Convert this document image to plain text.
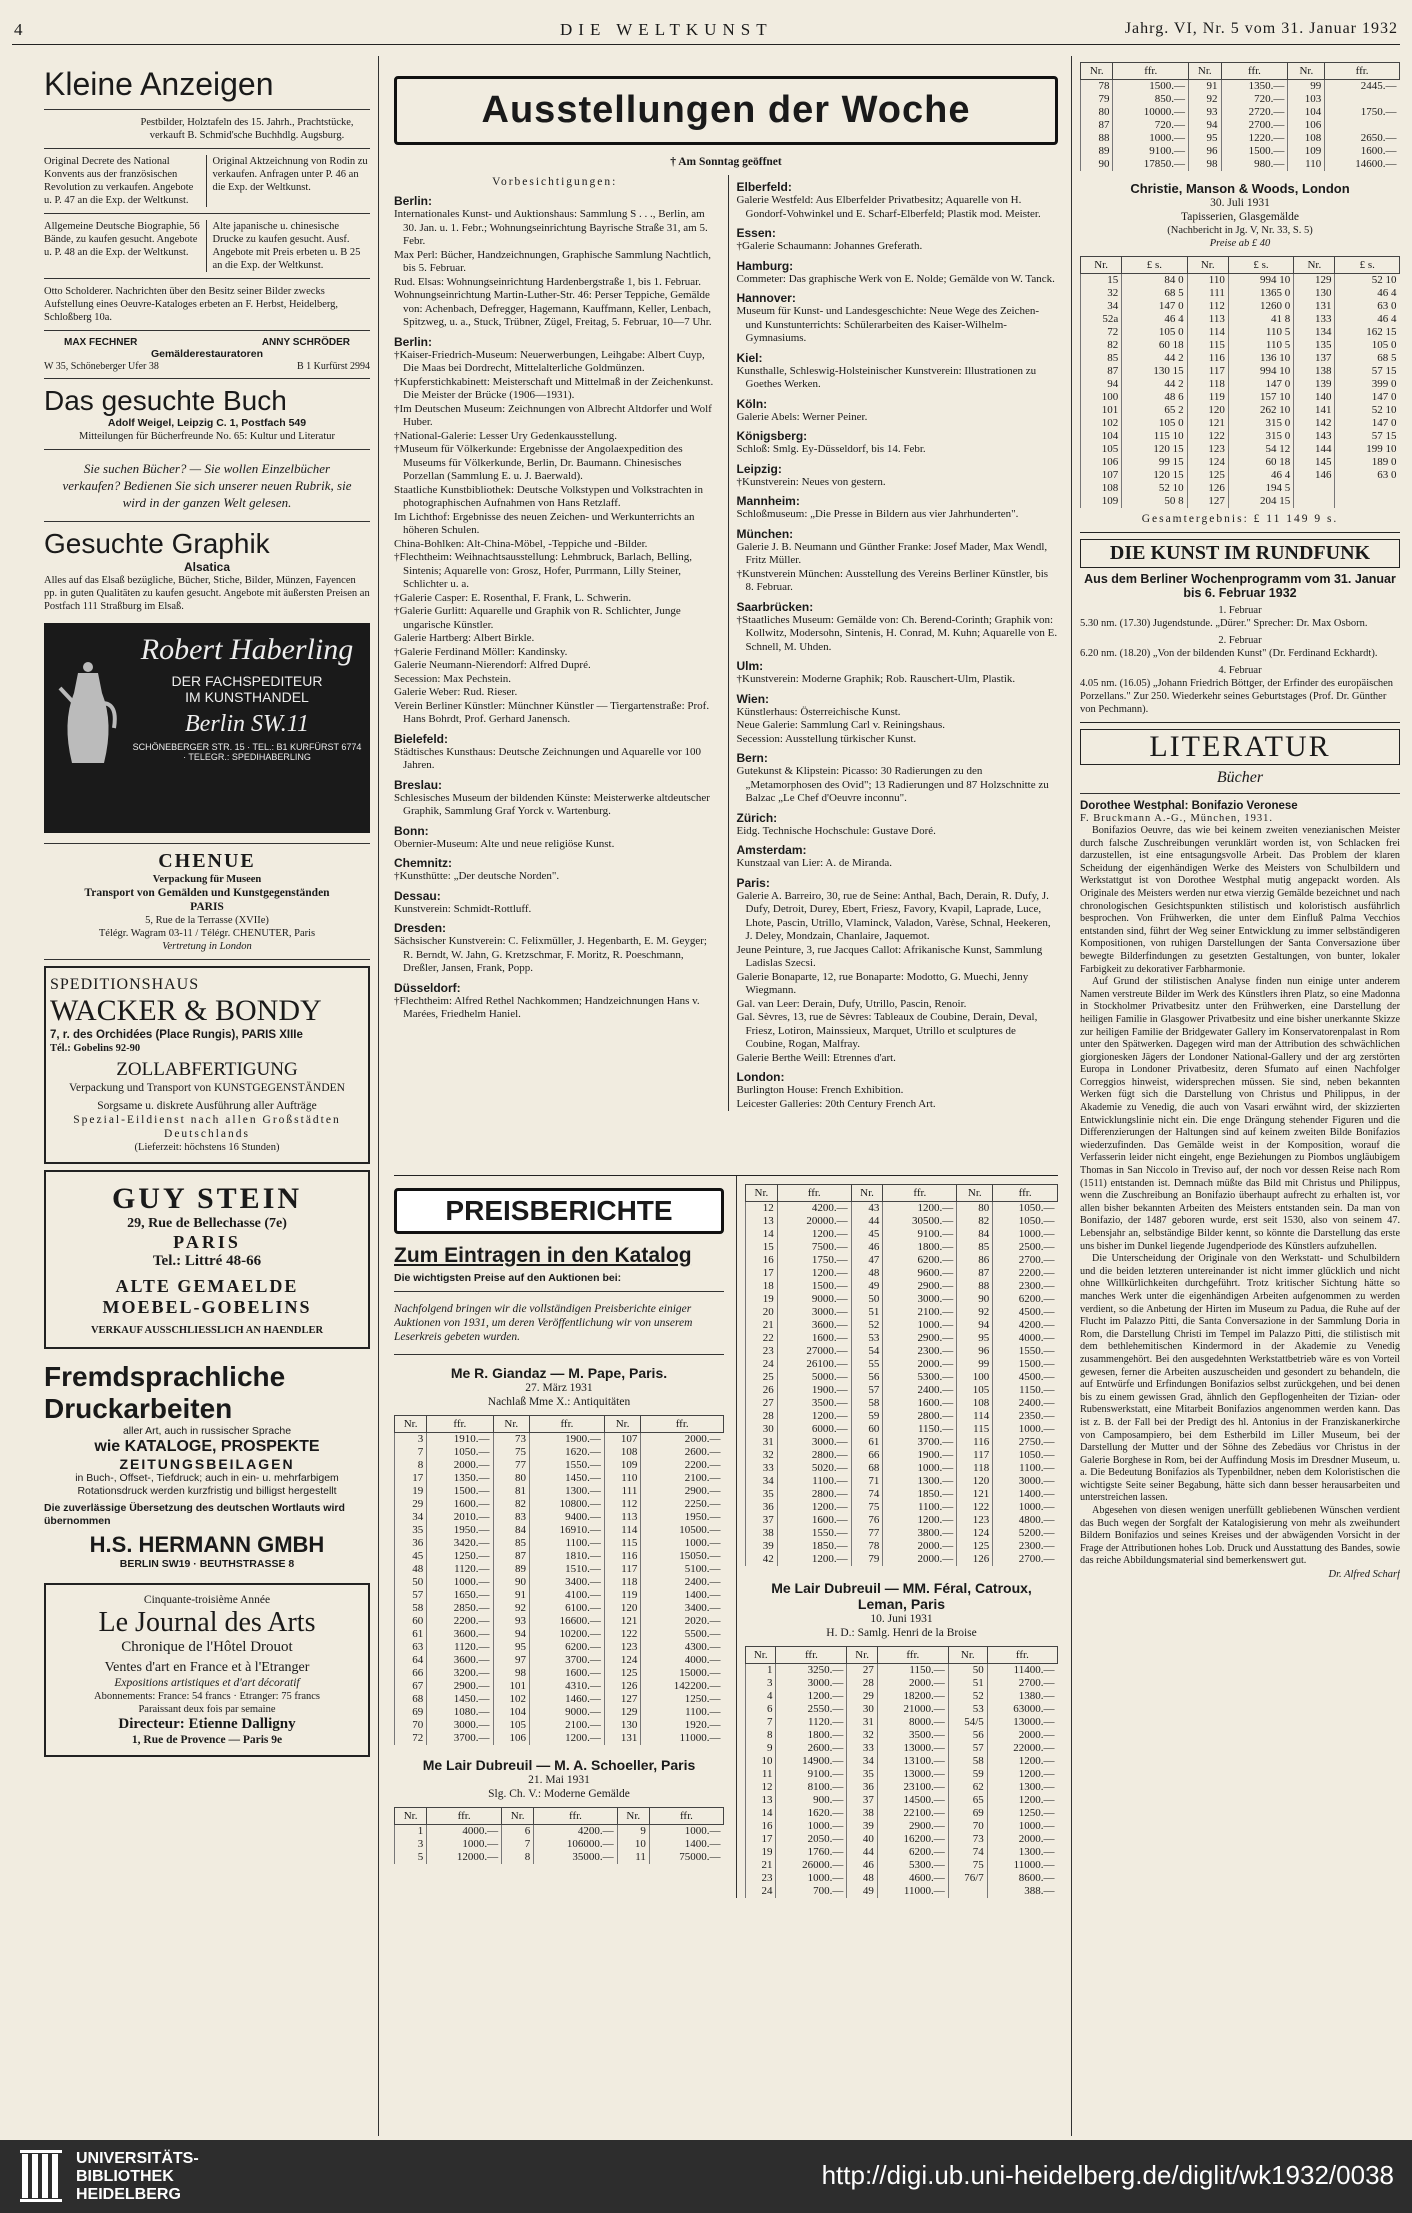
4	DIE WELTKUNST	Jahrg. VI, Nr. 5 vom 31. Januar 1932
Kleine Anzeigen
Pestbilder, Holztafeln des 15. Jahrh., Prachtstücke, verkauft B. Schmid'sche Buchhdlg. Augsburg.
Original Decrete des National Konvents aus der französischen Revolution zu verkaufen. Angebote u. P. 47 an die Exp. der Weltkunst.
Original Aktzeichnung von Rodin zu verkaufen. Anfragen unter P. 46 an die Exp. der Weltkunst.
Allgemeine Deutsche Biographie, 56 Bände, zu kaufen gesucht. Angebote u. P. 48 an die Exp. der Weltkunst.
Alte japanische u. chinesische Drucke zu kaufen gesucht. Ausf. Angebote mit Preis erbeten u. B 25 an die Exp. der Weltkunst.
Otto Scholderer. Nachrichten über den Besitz seiner Bilder zwecks Aufstellung eines Oeuvre-Kataloges erbeten an F. Herbst, Heidelberg, Schloßberg 10a.
MAX FECHNER	ANNY SCHRÖDER
Gemälderestauratoren
W 35, Schöneberger Ufer 38	B 1 Kurfürst 2994
Das gesuchte Buch
Adolf Weigel, Leipzig C. 1, Postfach 549
Mitteilungen für Bücherfreunde No. 65: Kultur und Literatur
Sie suchen Bücher? — Sie wollen Einzelbücher verkaufen? Bedienen Sie sich unserer neuen Rubrik, sie wird in der ganzen Welt gelesen.
Gesuchte Graphik
Alsatica
Alles auf das Elsaß bezügliche, Bücher, Stiche, Bilder, Münzen, Fayencen pp. in guten Qualitäten zu kaufen gesucht. Angebote mit äußersten Preisen an Postfach 111 Straßburg im Elsaß.
Robert Haberling
DER FACHSPEDITEUR
IM KUNSTHANDEL
Berlin SW.11
SCHÖNEBERGER STR. 15 · TEL.: B1 KURFÜRST 6774 · TELEGR.: SPEDIHABERLING
CHENUE
Verpackung für Museen
Transport von Gemälden und Kunstgegenständen
PARIS
5, Rue de la Terrasse (XVIIe)
Télégr. Wagram 03-11 / Télégr. CHENUTER, Paris
Vertretung in London
SPEDITIONSHAUS
WACKER & BONDY
7, r. des Orchidées (Place Rungis), PARIS XIIIe
Tél.: Gobelins 92-90
ZOLLABFERTIGUNG
Verpackung und Transport von KUNSTGEGENSTÄNDEN
Sorgsame u. diskrete Ausführung aller Aufträge
Spezial-Eildienst nach allen Großstädten Deutschlands
(Lieferzeit: höchstens 16 Stunden)
GUY STEIN
29, Rue de Bellechasse (7e)
PARIS
Tel.: Littré 48-66
ALTE GEMAELDE
MOEBEL-GOBELINS
VERKAUF AUSSCHLIESSLICH AN HAENDLER
Fremdsprachliche
Druckarbeiten
aller Art, auch in russischer Sprache
wie KATALOGE, PROSPEKTE
ZEITUNGSBEILAGEN
in Buch-, Offset-, Tiefdruck; auch in ein- u. mehrfarbigem Rotationsdruck werden kurzfristig und billigst hergestellt
Die zuverlässige Übersetzung des deutschen Wortlauts wird übernommen
H.S. HERMANN GMBH
BERLIN SW19 · BEUTHSTRASSE 8
Cinquante-troisième Année
Le Journal des Arts
Chronique de l'Hôtel Drouot
Ventes d'art en France et à l'Etranger
Expositions artistiques et d'art décoratif
Abonnements: France: 54 francs · Etranger: 75 francs
Paraissant deux fois par semaine
Directeur: Etienne Dalligny
1, Rue de Provence — Paris 9e
Ausstellungen der Woche
† Am Sonntag geöffnet
Vorbesichtigungen:
Berlin:
Internationales Kunst- und Auktionshaus: Sammlung S . . ., Berlin, am 30. Jan. u. 1. Febr.; Wohnungseinrichtung Bayrische Straße 31, am 5. Febr.
Max Perl: Bücher, Handzeichnungen, Graphische Sammlung Nachtlich, bis 5. Februar.
Rud. Elsas: Wohnungseinrichtung Hardenbergstraße 1, bis 1. Februar.
Wohnungseinrichtung Martin-Luther-Str. 46: Perser Teppiche, Gemälde von: Achenbach, Defregger, Hagemann, Kauffmann, Keller, Lenbach, Spitzweg, u. a., Stuck, Trübner, Zügel, Freitag, 5. Februar, 10—7 Uhr.
Berlin:
†Kaiser-Friedrich-Museum: Neuerwerbungen, Leihgabe: Albert Cuyp, Die Maas bei Dordrecht, Mittelalterliche Goldmünzen.
†Kupferstichkabinett: Meisterschaft und Mittelmaß in der Zeichenkunst. Die Meister der Brücke (1906—1931).
†Im Deutschen Museum: Zeichnungen von Albrecht Altdorfer und Wolf Huber.
†National-Galerie: Lesser Ury Gedenkausstellung.
†Museum für Völkerkunde: Ergebnisse der Angolaexpedition des Museums für Völkerkunde, Berlin, Dr. Baumann. Chinesisches Porzellan (Sammlung E. u. J. Baerwald).
Staatliche Kunstbibliothek: Deutsche Volkstypen und Volkstrachten in photographischen Aufnahmen von Hans Retzlaff.
Im Lichthof: Ergebnisse des neuen Zeichen- und Werkunterrichts an höheren Schulen.
China-Bohlken: Alt-China-Möbel, -Teppiche und -Bilder.
†Flechtheim: Weihnachtsausstellung: Lehmbruck, Barlach, Belling, Sintenis; Aquarelle von: Grosz, Hofer, Purrmann, Lilly Steiner, Schlichter u. a.
†Galerie Casper: E. Rosenthal, F. Frank, L. Schwerin.
†Galerie Gurlitt: Aquarelle und Graphik von R. Schlichter, Junge ungarische Künstler.
Galerie Hartberg: Albert Birkle.
†Galerie Ferdinand Möller: Kandinsky.
Galerie Neumann-Nierendorf: Alfred Dupré.
Secession: Max Pechstein.
Galerie Weber: Rud. Rieser.
Verein Berliner Künstler: Münchner Künstler — Tiergartenstraße: Prof. Hans Bohrdt, Prof. Gerhard Janensch.
Bielefeld:
Städtisches Kunsthaus: Deutsche Zeichnungen und Aquarelle vor 100 Jahren.
Breslau:
Schlesisches Museum der bildenden Künste: Meisterwerke altdeutscher Graphik, Sammlung Graf Yorck v. Wartenburg.
Bonn:
Obernier-Museum: Alte und neue religiöse Kunst.
Chemnitz:
†Kunsthütte: „Der deutsche Norden".
Dessau:
Kunstverein: Schmidt-Rottluff.
Dresden:
Sächsischer Kunstverein: C. Felixmüller, J. Hegenbarth, E. M. Geyger; R. Berndt, W. Jahn, G. Kretzschmar, F. Moritz, R. Poeschmann, Dreßler, Jansen, Frank, Popp.
Düsseldorf:
†Flechtheim: Alfred Rethel Nachkommen; Handzeichnungen Hans v. Marées, Friedhelm Haniel.
Elberfeld:
Galerie Westfeld: Aus Elberfelder Privatbesitz; Aquarelle von H. Gondorf-Vohwinkel und E. Scharf-Elberfeld; Plastik mod. Meister.
Essen:
†Galerie Schaumann: Johannes Greferath.
Hamburg:
Commeter: Das graphische Werk von E. Nolde; Gemälde von W. Tanck.
Hannover:
Museum für Kunst- und Landesgeschichte: Neue Wege des Zeichen- und Kunstunterrichts: Schülerarbeiten des Kaiser-Wilhelm-Gymnasiums.
Kiel:
Kunsthalle, Schleswig-Holsteinischer Kunstverein: Illustrationen zu Goethes Werken.
Köln:
Galerie Abels: Werner Peiner.
Königsberg:
Schloß: Smlg. Ey-Düsseldorf, bis 14. Febr.
Leipzig:
†Kunstverein: Neues von gestern.
Mannheim:
Schloßmuseum: „Die Presse in Bildern aus vier Jahrhunderten".
München:
Galerie J. B. Neumann und Günther Franke: Josef Mader, Max Wendl, Fritz Müller.
†Kunstverein München: Ausstellung des Vereins Berliner Künstler, bis 8. Februar.
Saarbrücken:
†Staatliches Museum: Gemälde von: Ch. Berend-Corinth; Graphik von: Kollwitz, Modersohn, Sintenis, H. Conrad, M. Kuhn; Aquarelle von E. Schnell, M. Uhden.
Ulm:
†Kunstverein: Moderne Graphik; Rob. Rauschert-Ulm, Plastik.
Wien:
Künstlerhaus: Österreichische Kunst.
Neue Galerie: Sammlung Carl v. Reiningshaus.
Secession: Ausstellung türkischer Kunst.
Bern:
Gutekunst & Klipstein: Picasso: 30 Radierungen zu den „Metamorphosen des Ovid"; 13 Radierungen und 87 Holzschnitte zu Balzac „Le Chef d'Oeuvre inconnu".
Zürich:
Eidg. Technische Hochschule: Gustave Doré.
Amsterdam:
Kunstzaal van Lier: A. de Miranda.
Paris:
Galerie A. Barreiro, 30, rue de Seine: Anthal, Bach, Derain, R. Dufy, J. Dufy, Detroit, Durey, Ebert, Friesz, Favory, Kvapil, Laprade, Luce, Lhote, Pascin, Utrillo, Vlaminck, Valadon, Varèse, Schnal, Heekeren, J. Deley, Mondzain, Chanlaire, Jaquemot.
Jeune Peinture, 3, rue Jacques Callot: Afrikanische Kunst, Sammlung Ladislas Szecsi.
Galerie Bonaparte, 12, rue Bonaparte: Modotto, G. Muechi, Jenny Wiegmann.
Gal. van Leer: Derain, Dufy, Utrillo, Pascin, Renoir.
Gal. Sèvres, 13, rue de Sèvres: Tableaux de Coubine, Derain, Deval, Friesz, Lotiron, Mainssieux, Marquet, Utrillo et sculptures de Coubine, Rogan, Malfray.
Galerie Berthe Weill: Etrennes d'art.
London:
Burlington House: French Exhibition.
Leicester Galleries: 20th Century French Art.
PREISBERICHTE
Zum Eintragen in den Katalog
Die wichtigsten Preise auf den Auktionen bei:
Nachfolgend bringen wir die vollständigen Preisberichte einiger Auktionen von 1931, um deren Veröffentlichung wir von unserem Leserkreis gebeten wurden.
Me R. Giandaz — M. Pape, Paris.
27. März 1931
Nachlaß Mme X.: Antiquitäten
Nr.	ffr.	Nr.	ffr.	Nr.	ffr.
3	1910.—	73	1900.—	107	2000.—
7	1050.—	75	1620.—	108	2600.—
8	2000.—	77	1550.—	109	2200.—
17	1350.—	80	1450.—	110	2100.—
19	1500.—	81	1300.—	111	2900.—
29	1600.—	82	10800.—	112	2250.—
34	2010.—	83	9400.—	113	1950.—
35	1950.—	84	16910.—	114	10500.—
36	3420.—	85	1100.—	115	1000.—
45	1250.—	87	1810.—	116	15050.—
48	1120.—	89	1510.—	117	5100.—
50	1000.—	90	3400.—	118	2400.—
57	1650.—	91	4100.—	119	1400.—
58	2850.—	92	6100.—	120	3400.—
60	2200.—	93	16600.—	121	2020.—
61	3600.—	94	10200.—	122	5500.—
63	1120.—	95	6200.—	123	4300.—
64	3600.—	97	3700.—	124	4000.—
66	3200.—	98	1600.—	125	15000.—
67	2900.—	101	4310.—	126	142200.—
68	1450.—	102	1460.—	127	1250.—
69	1080.—	104	9000.—	129	1100.—
70	3000.—	105	2100.—	130	1920.—
72	3700.—	106	1200.—	131	11000.—
Me Lair Dubreuil — M. A. Schoeller, Paris
21. Mai 1931
Slg. Ch. V.: Moderne Gemälde
Nr.	ffr.	Nr.	ffr.	Nr.	ffr.
1	4000.—	6	4200.—	9	1000.—
3	1000.—	7	106000.—	10	1400.—
5	12000.—	8	35000.—	11	75000.—
Nr.	ffr.	Nr.	ffr.	Nr.	ffr.
12	4200.—	43	1200.—	80	1050.—
13	20000.—	44	30500.—	82	1050.—
14	1200.—	45	9100.—	84	1000.—
15	7500.—	46	1800.—	85	2500.—
16	1750.—	47	6200.—	86	2700.—
17	1200.—	48	9600.—	87	2200.—
18	1500.—	49	2900.—	88	2300.—
19	9000.—	50	3000.—	90	6200.—
20	3000.—	51	2100.—	92	4500.—
21	3600.—	52	1000.—	94	4200.—
22	1600.—	53	2900.—	95	4000.—
23	27000.—	54	2300.—	96	1550.—
24	26100.—	55	2000.—	99	1500.—
25	5000.—	56	5300.—	100	4500.—
26	1900.—	57	2400.—	105	1150.—
27	3500.—	58	1600.—	108	2400.—
28	1200.—	59	2800.—	114	2350.—
30	6000.—	60	1150.—	115	1000.—
31	3000.—	61	3700.—	116	2750.—
32	2800.—	66	1900.—	117	1050.—
33	5020.—	68	1000.—	118	1100.—
34	1100.—	71	1300.—	120	3000.—
35	2800.—	74	1850.—	121	1400.—
36	1200.—	75	1100.—	122	1000.—
37	1600.—	76	1200.—	123	4800.—
38	1550.—	77	3800.—	124	5200.—
39	1850.—	78	2000.—	125	2300.—
42	1200.—	79	2000.—	126	2700.—
Me Lair Dubreuil — MM. Féral, Catroux, Leman, Paris
10. Juni 1931
H. D.: Samlg. Henri de la Broise
Nr.	ffr.	Nr.	ffr.	Nr.	ffr.
1	3250.—	27	1150.—	50	11400.—
3	3000.—	28	2000.—	51	2700.—
4	1200.—	29	18200.—	52	1380.—
6	2550.—	30	21000.—	53	63000.—
7	1120.—	31	8000.—	54/5	13000.—
8	1800.—	32	3500.—	56	2000.—
9	2600.—	33	13000.—	57	22000.—
10	14900.—	34	13100.—	58	1200.—
11	9100.—	35	13000.—	59	1200.—
12	8100.—	36	23100.—	62	1300.—
13	900.—	37	14500.—	65	1200.—
14	1620.—	38	22100.—	69	1250.—
16	1000.—	39	2900.—	70	1000.—
17	2050.—	40	16200.—	73	2000.—
19	1760.—	44	6200.—	74	1300.—
21	26000.—	46	5300.—	75	11000.—
23	1000.—	48	4600.—	76/7	8600.—
24	700.—	49	11000.—		388.—
Nr.	ffr.	Nr.	ffr.	Nr.	ffr.
78	1500.—	91	1350.—	99	2445.—
79	850.—	92	720.—	103	
80	10000.—	93	2720.—	104	1750.—
87	720.—	94	2700.—	106	
88	1000.—	95	1220.—	108	2650.—
89	9100.—	96	1500.—	109	1600.—
90	17850.—	98	980.—	110	14600.—
Christie, Manson & Woods, London
30. Juli 1931
Tapisserien, Glasgemälde
(Nachbericht in Jg. V, Nr. 33, S. 5)
Preise ab £ 40
Nr.	£ s.	Nr.	£ s.	Nr.	£ s.
15	84 0	110	994 10	129	52 10
32	68 5	111	1365 0	130	46 4
34	147 0	112	1260 0	131	63 0
52a	46 4	113	41 8	133	46 4
72	105 0	114	110 5	134	162 15
82	60 18	115	110 5	135	105 0
85	44 2	116	136 10	137	68 5
87	130 15	117	994 10	138	57 15
94	44 2	118	147 0	139	399 0
100	48 6	119	157 10	140	147 0
101	65 2	120	262 10	141	52 10
102	105 0	121	315 0	142	147 0
104	115 10	122	315 0	143	57 15
105	120 15	123	54 12	144	199 10
106	99 15	124	60 18	145	189 0
107	120 15	125	46 4	146	63 0
108	52 10	126	194 5		
109	50 8	127	204 15		
Gesamtergebnis: £ 11 149 9 s.
DIE KUNST IM RUNDFUNK
Aus dem Berliner Wochenprogramm vom 31. Januar bis 6. Februar 1932
1. Februar
5.30 nm. (17.30) Jugendstunde. „Dürer." Sprecher: Dr. Max Osborn.
2. Februar
6.20 nm. (18.20) „Von der bildenden Kunst" (Dr. Ferdinand Eckhardt).
4. Februar
4.05 nm. (16.05) „Johann Friedrich Böttger, der Erfinder des europäischen Porzellans." Zur 250. Wiederkehr seines Geburtstages (Prof. Dr. Günther von Pechmann).
LITERATUR
Bücher
Dorothee Westphal: Bonifazio Veronese
F. Bruckmann A.-G., München, 1931.
Bonifazios Oeuvre, das wie bei keinem zweiten venezianischen Meister durch falsche Zuschreibungen verunklärt worden ist, von Schlacken frei darzustellen, ist eine entsagungsvolle Arbeit. Das Problem der klaren Scheidung der eigenhändigen Werke des Meisters von Schulbildern und Werkstattgut ist von Dorothee Westphal mutig angepackt worden. Als Originale des Meisters werden nur etwa vierzig Gemälde bezeichnet und nach chronologischen Gesichtspunkten stilistisch und koloristisch ausführlich besprochen. Von Frühwerken, die unter dem Einfluß Palma Vecchios entstanden sind, führt der Weg seiner Entwicklung zu immer selbständigeren Kompositionen, von ruhigen Darstellungen der Santa Conversazione über bewegte Bilderfindungen zu gesetzten Gestaltungen, von bunter, lokaler Farbigkeit zu dekorativer Farbharmonie.
Auf Grund der stilistischen Analyse finden nun einige unter anderem Namen verstreute Bilder im Werk des Künstlers ihren Platz, so eine Madonna in Stockholmer Privatbesitz unter den Frühwerken, eine Darstellung der heiligen Familie in Glasgower Privatbesitz und eine bisher unerkannte Skizze zur heiligen Familie der Bridgewater Gallery im Konservatorenpalast in Rom unter den Spätwerken. Dagegen wird man der Attribution des schwächlichen giorgionesken Jägers der Londoner National-Gallery und der arg zerstörten Europa in Londoner Privatbesitz, deren Sfumato auf einen Nachfolger Correggios hinweist, widersprechen müssen. Sie sind, neben bekannten Werken fügt sich die Darstellung von Christus und Philippus, in der Akademie zu Venedig, die auch von Vasari erwähnt wird, der skizzierten Entwicklungslinie nicht ein. Die enge Drängung stehender Figuren und die Differenzierungen der Haltungen sind auf keinem zweiten Bilde Bonifazios wiederzufinden. Das Gemälde weist in der Komposition, worauf die Verfasserin leider nicht eingeht, enge Beziehungen zu Piombos ungläubigem Thomas in San Niccolo in Treviso auf, der noch vor dessen Reise nach Rom (1511) entstanden ist. Demnach müßte das Bild mit Christus und Philippus, wenn die Zuschreibung an Bonifazio überhaupt aufrecht zu erhalten ist, vor allen bisher bekannten Arbeiten des Meisters entstanden sein. Da man von Bonifazio, der 1487 geboren wurde, erst seit 1530, also von seinem 47. Lebensjahr an, selbständige Bilder kennt, so könnte die Darstellung das erste uns bisher im Dunkel liegende Jugendperiode des Künstlers aufzuhellen.
Die Unterscheidung der Originale von den Werkstatt- und Schulbildern und die beiden letzteren untereinander ist nicht immer glücklich und nicht ohne Willkürlichkeiten durchgeführt. Trotz kritischer Sichtung hätte so manches Werk unter die eigenhändigen Arbeiten aufgenommen zu werden verdient, so die Anbetung der Hirten im Museum zu Padua, die Ruhe auf der Flucht im Palazzo Pitti, die Santa Conversazione in der Sammlung Doria in Rom, die Darstellung Christi im Tempel im Palazzo Pitti, die stilistisch mit dem bethlehemitischen Kindermord in der Akademie zu Venedig zusammengehört. Bei den ausgedehnten Werkstattbetrieb wäre es von Vorteil gewesen, ferner die Arbeiten auszuscheiden und gesondert zu behandeln, die auf Entwürfe und Erfindungen Bonifazios selbst zurückgehen, und bei denen bis zu einem gewissen Grad, ähnlich den Gepflogenheiten der Tizian- oder Rubenswerkstatt, eine Mitarbeit Bonifazios angenommen werden kann. Das ist z. B. der Fall bei der Predigt des hl. Antonius in der Franziskanerkirche von Camposampiero, bei dem Estherbild im Liller Museum, bei der Darstellung der Mutter und der Söhne des Zebedäus vor Christus in der Galerie Borghese in Rom, bei der Auffindung Mosis im Dresdner Museum, u. a. Die Bedeutung Bonifazios als Typenbildner, neben dem Koloristischen die wichtigste Seite seiner Begabung, hätte sich dann besser herausarbeiten und unterstreichen lassen.
Abgesehen von diesen wenigen unerfüllt gebliebenen Wünschen verdient das Buch wegen der Sorgfalt der Katalogisierung von mehr als zweihundert Bildern Bonifazios und seines Kreises und der abwägenden Vorsicht in der Frage der Attributionen hohes Lob. Druck und Ausstattung des Bandes, sowie das reiche Abbildungsmaterial sind bemerkenswert gut.
Dr. Alfred Scharf
UNIVERSITÄTS-
BIBLIOTHEK
HEIDELBERG
http://digi.ub.uni-heidelberg.de/diglit/wk1932/0038
